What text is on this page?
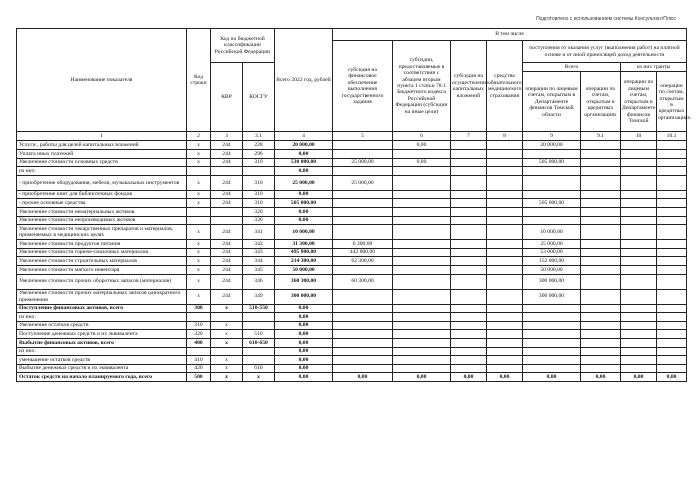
Подготовлено с использованием системы КонсультантПлюс
Наименование показателя	Код строки	Код по бюджетной классификации Российской Федерации		Всего 2022 год, рублей	В том числе							
					субсидия на финансовое обеспечение выполнения государственного задания	субсидии, предоставляемые в соответствии с абзацем вторым пункта 1 статьи 78.1 Бюджетного кодекса Российской Федерации (субсидии на иные цели)	субсидия на осуществление капитальных вложений	средства обязательного медицинского страхования	поступления от оказания услуг (выполнения работ) на платной основе и от иной приносящей доход деятельности			
		КВР	КОСГУ						Всего		из них гранты	
									операции по лицевым счетам, открытым в Департаменте финансов Томской области	операции по счетам, открытым в кредитных организациях	операции по лицевым счетам, открытым в Департаменте финансов Томской	операции по счетам, открытым в кредитных организациях
1	2	3	3.1	4	5	6	7	8	9	9.1	10	10.1
Услуги , работы для целей капитальных вложений	x	244	228	20 000,00		0,00			20 000,00			
Уплата иных платежей	x	244	296	0,00								
Увеличение стоимости основных средств	x	244	310	530 000,00	25 000,00	0,00			505 000,00			
из них:				0,00								
- приобретение оборудования, мебели, музыкальных инструментов	x	244	310	25 000,00	25 000,00							
- приобретение книг для библиотечных фондов	x	244	310	0,00								
- прочие основные средства	x	244	310	505 000,00					505 000,00			
Увеличение стоимости нематериальных активов			320	0,00								
Увеличение стоимости непроизводимых активов			330	0,00								
Увеличение стоимости лекарственных препаратов и материалов, применяемых в медицинских целях	x	244	341	10 000,00					10 000,00			
Увеличение стоимости продуктов питания	x	244	342	31 300,00	6 300,00				25 000,00			
Увеличение стоимости горюче-смазочных материалов	x	244	343	495 800,00	442 800,00				53 000,00			
Увеличение стоимости строительных материалов	x	244	344	214 300,00	62 300,00				152 000,00			
Увеличение стоимости мягкого инвентаря	x	244	345	50 000,00					50 000,00			
Увеличение стоимости прочих оборотных запасов (материалов)	x	244	346	360 300,00	60 300,00				300 000,00			
Увеличение стоимости прочих материальных запасов однократного применения	x	244	349	300 000,00					300 000,00			
Поступление финансовых активов, всего	300	x	510-550	0,00								
из них:				0,00								
Увеличение остатков средств	310	x		0,00								
Поступление денежных средств и их эквивалента	320	x	510	0,00								
Выбытие финансовых активов, всего	400	x	610-650	0,00								
из них:				0,00								
уменьшение остатков средств	410	x		0,00								
Выбытие денежных средств и их эквивалента	420	x	610	0,00								
Остаток средств на начало планируемого года, всего	500	x	x	0,00	0,00	0,00	0,00	0,00	0,00	0,00	0,00	0,00
